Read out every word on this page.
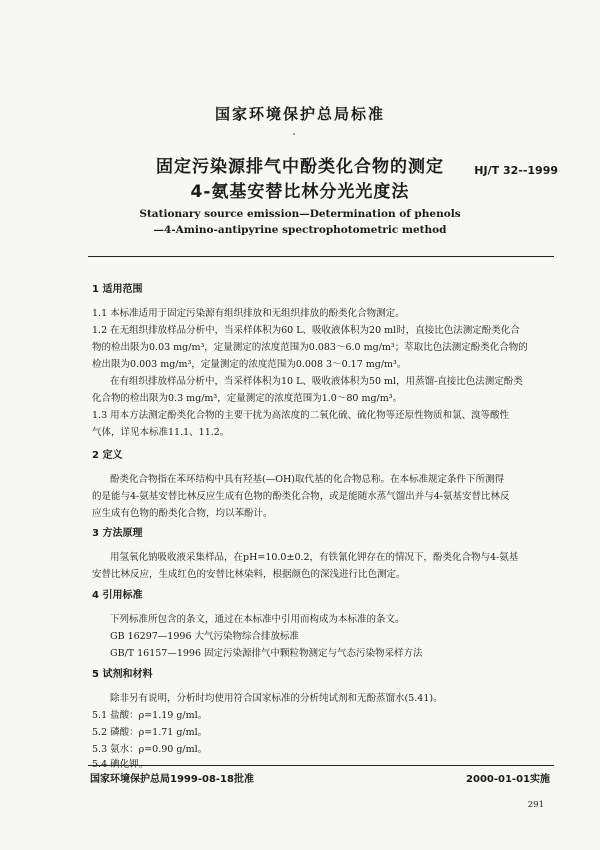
国家环境保护总局标准
固定污染源排气中酚类化合物的测定
4-氨基安替比林分光光度法
HJ/T 32--1999
Stationary source emission—Determination of phenols
—4-Amino-antipyrine spectrophotometric method
1 适用范围
1.1 本标准适用于固定污染源有组织排放和无组织排放的酚类化合物测定。
1.2 在无组织排放样品分析中，当采样体积为60 L、吸收液体积为20 ml时，直接比色法测定酚类化合
物的检出限为0.03 mg/m³，定量测定的浓度范围为0.083～6.0 mg/m³；萃取比色法测定酚类化合物的
检出限为0.003 mg/m³，定量测定的浓度范围为0.008 3～0.17 mg/m³。
在有组织排放样品分析中，当采样体积为10 L、吸收液体积为50 ml，用蒸馏-直接比色法测定酚类
化合物的检出限为0.3 mg/m³，定量测定的浓度范围为1.0～80 mg/m³。
1.3 用本方法测定酚类化合物的主要干扰为高浓度的二氧化硫、硫化物等还原性物质和氯、溴等酸性
气体，详见本标准11.1、11.2。
2 定义
酚类化合物指在苯环结构中具有羟基(—OH)取代基的化合物总称。在本标准规定条件下所测得
的是能与4-氨基安替比林反应生成有色物的酚类化合物，或是能随水蒸气馏出并与4-氨基安替比林反
应生成有色物的酚类化合物，均以苯酚计。
3 方法原理
用氢氧化钠吸收液采集样品，在pH=10.0±0.2，有铁氰化钾存在的情况下，酚类化合物与4-氨基
安替比林反应，生成红色的安替比林染料，根据颜色的深浅进行比色测定。
4 引用标准
下列标准所包含的条文，通过在本标准中引用而构成为本标准的条文。
GB 16297—1996 大气污染物综合排放标准
GB/T 16157—1996 固定污染源排气中颗粒物测定与气态污染物采样方法
5 试剂和材料
除非另有说明，分析时均使用符合国家标准的分析纯试剂和无酚蒸馏水(5.41)。
5.1 盐酸：ρ=1.19 g/ml。
5.2 磷酸：ρ=1.71 g/ml。
5.3 氨水：ρ=0.90 g/ml。
5.4 碘化钾。
国家环境保护总局1999-08-18批准	2000-01-01实施
291
